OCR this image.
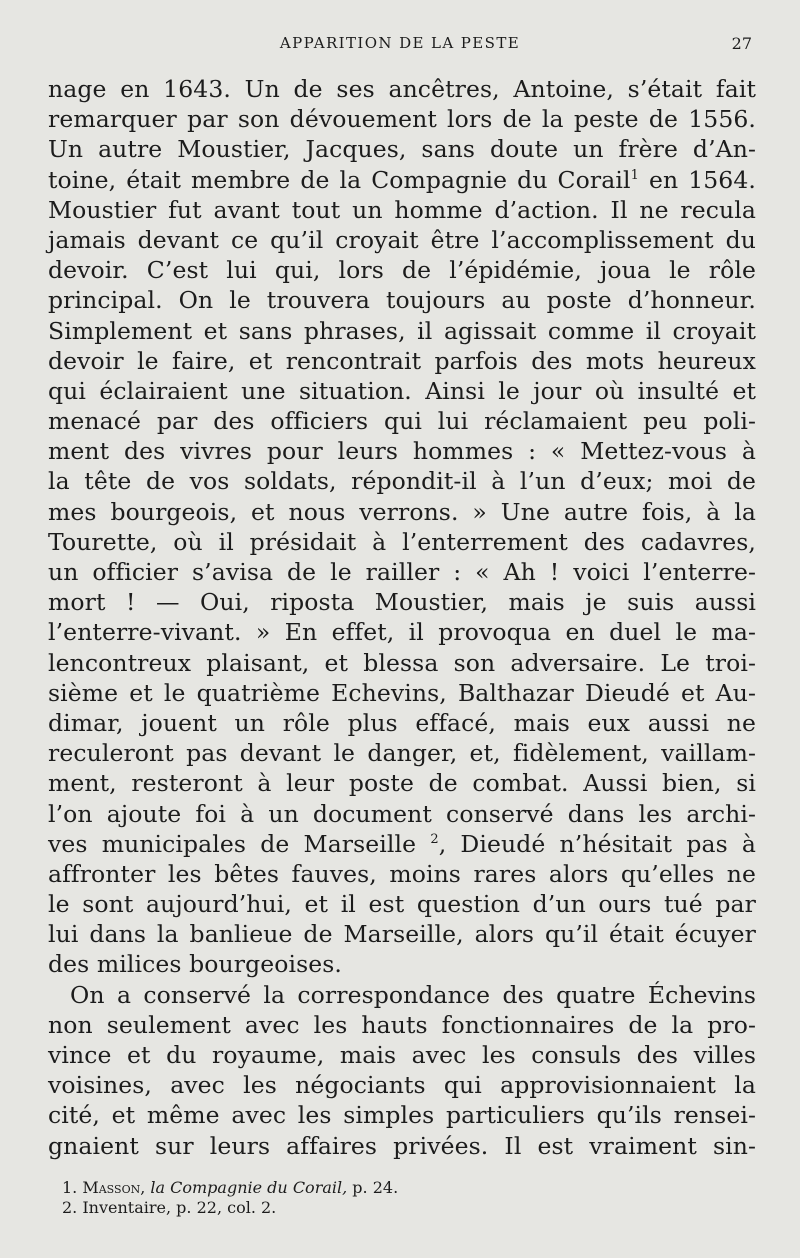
APPARITION DE LA PESTE	27
nage en 1643. Un de ses ancêtres, Antoine, s’était fait
remarquer par son dévouement lors de la peste de 1556.
Un autre Moustier, Jacques, sans doute un frère d’An-
toine, était membre de la Compagnie du Corail$^1$ en 1564.
Moustier fut avant tout un homme d’action. Il ne recula
jamais devant ce qu’il croyait être l’accomplissement du
devoir. C’est lui qui, lors de l’épidémie, joua le rôle
principal. On le trouvera toujours au poste d’honneur.
Simplement et sans phrases, il agissait comme il croyait
devoir le faire, et rencontrait parfois des mots heureux
qui éclairaient une situation. Ainsi le jour où insulté et
menacé par des officiers qui lui réclamaient peu poli-
ment des vivres pour leurs hommes : « Mettez-vous à
la tête de vos soldats, répondit-il à l’un d’eux; moi de
mes bourgeois, et nous verrons. » Une autre fois, à la
Tourette, où il présidait à l’enterrement des cadavres,
un officier s’avisa de le railler : « Ah ! voici l’enterre-
mort ! — Oui, riposta Moustier, mais je suis aussi
l’enterre-vivant. » En effet, il provoqua en duel le ma-
lencontreux plaisant, et blessa son adversaire. Le troi-
sième et le quatrième Echevins, Balthazar Dieudé et Au-
dimar, jouent un rôle plus effacé, mais eux aussi ne
reculeront pas devant le danger, et, fidèlement, vaillam-
ment, resteront à leur poste de combat. Aussi bien, si
l’on ajoute foi à un document conservé dans les archi-
ves municipales de Marseille $^2$, Dieudé n’hésitait pas à
affronter les bêtes fauves, moins rares alors qu’elles ne
le sont aujourd’hui, et il est question d’un ours tué par
lui dans la banlieue de Marseille, alors qu’il était écuyer
des milices bourgeoises.
On a conservé la correspondance des quatre Échevins
non seulement avec les hauts fonctionnaires de la pro-
vince et du royaume, mais avec les consuls des villes
voisines, avec les négociants qui approvisionnaient la
cité, et même avec les simples particuliers qu’ils rensei-
gnaient sur leurs affaires privées. Il est vraiment sin-
1. Masson, la Compagnie du Corail, p. 24.
2. Inventaire, p. 22, col. 2.
